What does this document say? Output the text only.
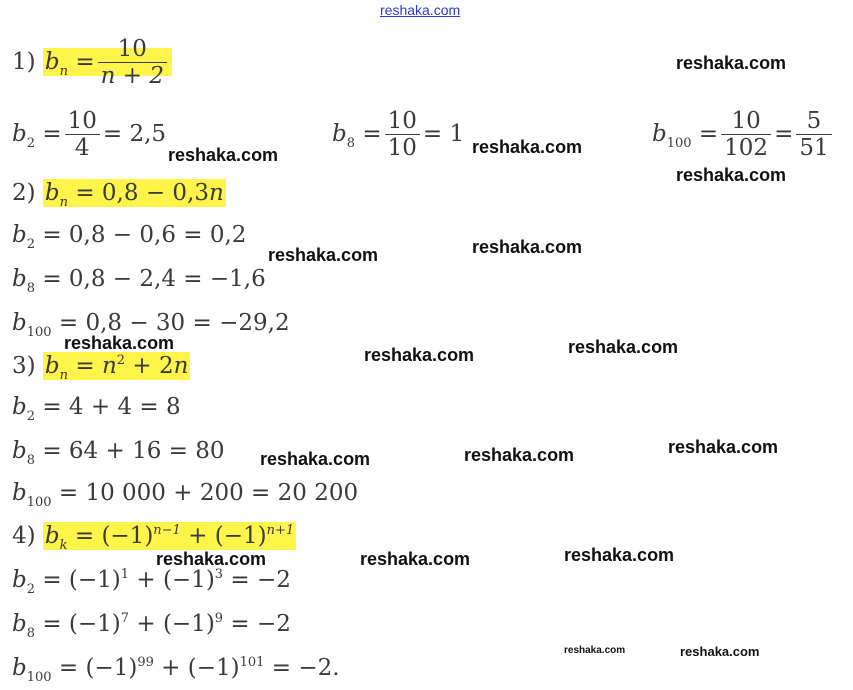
reshaka.com
1) $b_n = \frac{10}{n + 2}$
$b_2 = \frac{10}{4} = 2,5$	$b_8 = \frac{10}{10} = 1$	$b_{100} = \frac{10}{102} = \frac{5}{51}$
2) $b_n = 0,8 - 0,3n$
$b_2 = 0,8 - 0,6 = 0,2$
$b_8 = 0,8 - 2,4 = -1,6$
$b_{100} = 0,8 - 30 = -29,2$
3) $b_n = n^2 + 2n$
$b_2 = 4 + 4 = 8$
$b_8 = 64 + 16 = 80$
$b_{100} = 10$ 000 + 200 = 20 200
4) $b_k = (-1)^{n-1} + (-1)^{n+1}$
$b_2 = (-1)^1 + (-1)^3 = -2$
$b_8 = (-1)^7 + (-1)^9 = -2$
$b_{100} = (-1)^{99} + (-1)^{101} = -2$.
reshaka.com
reshaka.com	reshaka.com
reshaka.com
reshaka.com	reshaka.com
reshaka.com
reshaka.com	reshaka.com
reshaka.com	reshaka.com	reshaka.com
reshaka.com	reshaka.com	reshaka.com
reshaka.com	reshaka.com
